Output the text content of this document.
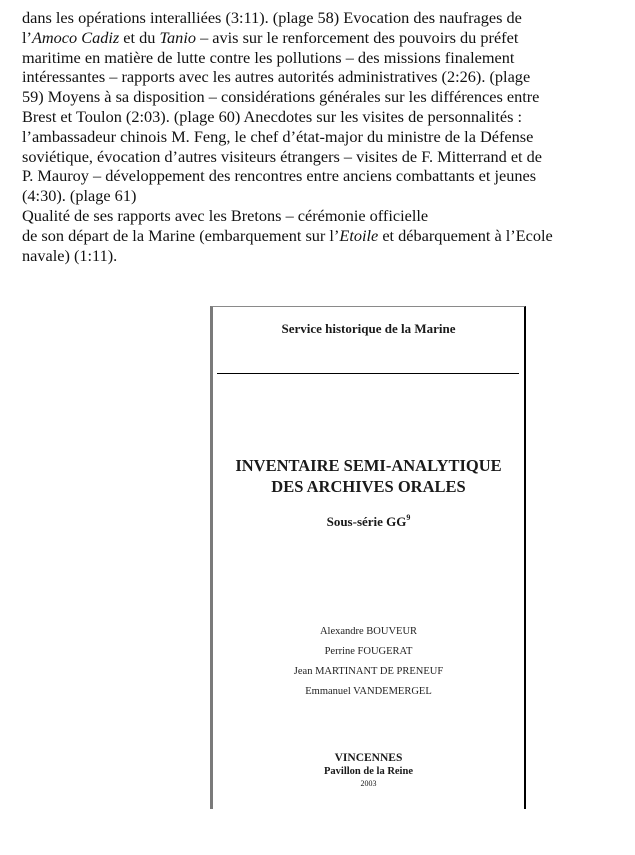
dans les opérations interalliées (3:11). (plage 58) Evocation des naufrages de

l’Amoco Cadiz et du Tanio – avis sur le renforcement des pouvoirs du préfet

maritime en matière de lutte contre les pollutions – des missions finalement

intéressantes – rapports avec les autres autorités administratives (2:26). (plage

59) Moyens à sa disposition – considérations générales sur les différences entre

Brest et Toulon (2:03). (plage 60) Anecdotes sur les visites de personnalités :

l’ambassadeur chinois M. Feng, le chef d’état-major du ministre de la Défense

soviétique, évocation d’autres visiteurs étrangers – visites de F. Mitterrand et de

P. Mauroy – développement des rencontres entre anciens combattants et jeunes

(4:30). (plage 61)

Qualité de ses rapports avec les Bretons – cérémonie officielle

de son départ de la Marine (embarquement sur l’Etoile et débarquement à l’Ecole

navale) (1:11).

Service historique de la Marine
INVENTAIRE SEMI-ANALYTIQUE
DES ARCHIVES ORALES
Sous-série $GG^9$
Alexandre BOUVEUR
Perrine FOUGERAT
Jean MARTINANT DE PRENEUF
Emmanuel VANDEMERGEL
VINCENNES
Pavillon de la Reine
2003
